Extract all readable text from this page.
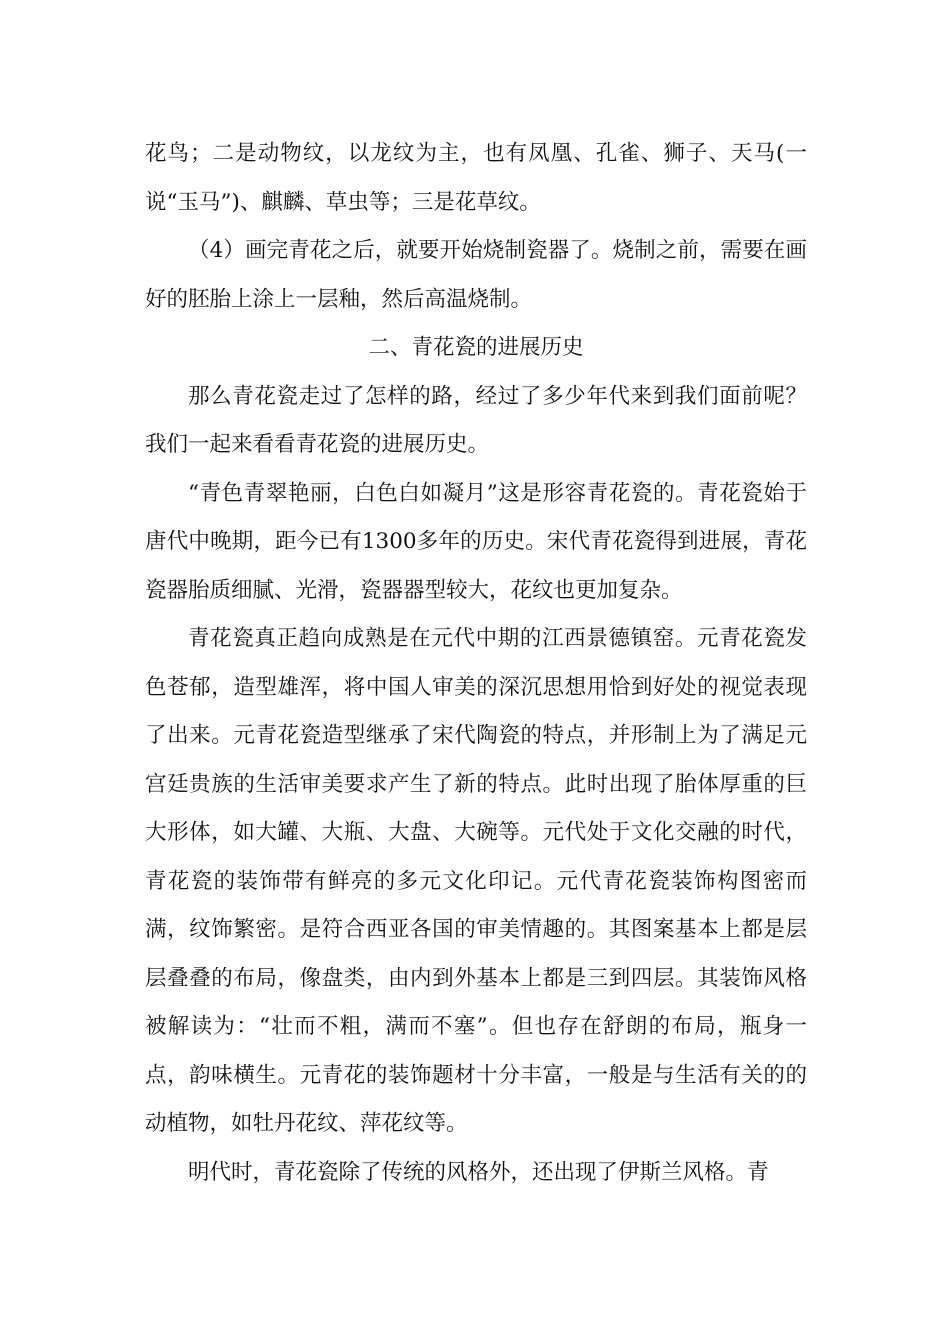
花鸟；二是动物纹，以龙纹为主，也有凤凰、孔雀、狮子、天马(一说“玉马”)、麒麟、草虫等；三是花草纹。

（4）画完青花之后，就要开始烧制瓷器了。烧制之前，需要在画好的胚胎上涂上一层釉，然后高温烧制。

二、青花瓷的进展历史

那么青花瓷走过了怎样的路，经过了多少年代来到我们面前呢？我们一起来看看青花瓷的进展历史。

“青色青翠艳丽，白色白如凝月”这是形容青花瓷的。青花瓷始于唐代中晚期，距今已有1300多年的历史。宋代青花瓷得到进展，青花瓷器胎质细腻、光滑，瓷器器型较大，花纹也更加复杂。

青花瓷真正趋向成熟是在元代中期的江西景德镇窑。元青花瓷发色苍郁，造型雄浑，将中国人审美的深沉思想用恰到好处的视觉表现了出来。元青花瓷造型继承了宋代陶瓷的特点，并形制上为了满足元宫廷贵族的生活审美要求产生了新的特点。此时出现了胎体厚重的巨大形体，如大罐、大瓶、大盘、大碗等。元代处于文化交融的时代，青花瓷的装饰带有鲜亮的多元文化印记。元代青花瓷装饰构图密而满，纹饰繁密。是符合西亚各国的审美情趣的。其图案基本上都是层层叠叠的布局，像盘类，由内到外基本上都是三到四层。其装饰风格被解读为：“壮而不粗，满而不塞”。但也存在舒朗的布局，瓶身一点，韵味横生。元青花的装饰题材十分丰富，一般是与生活有关的的动植物，如牡丹花纹、萍花纹等。

明代时，青花瓷除了传统的风格外，还出现了伊斯兰风格。青
